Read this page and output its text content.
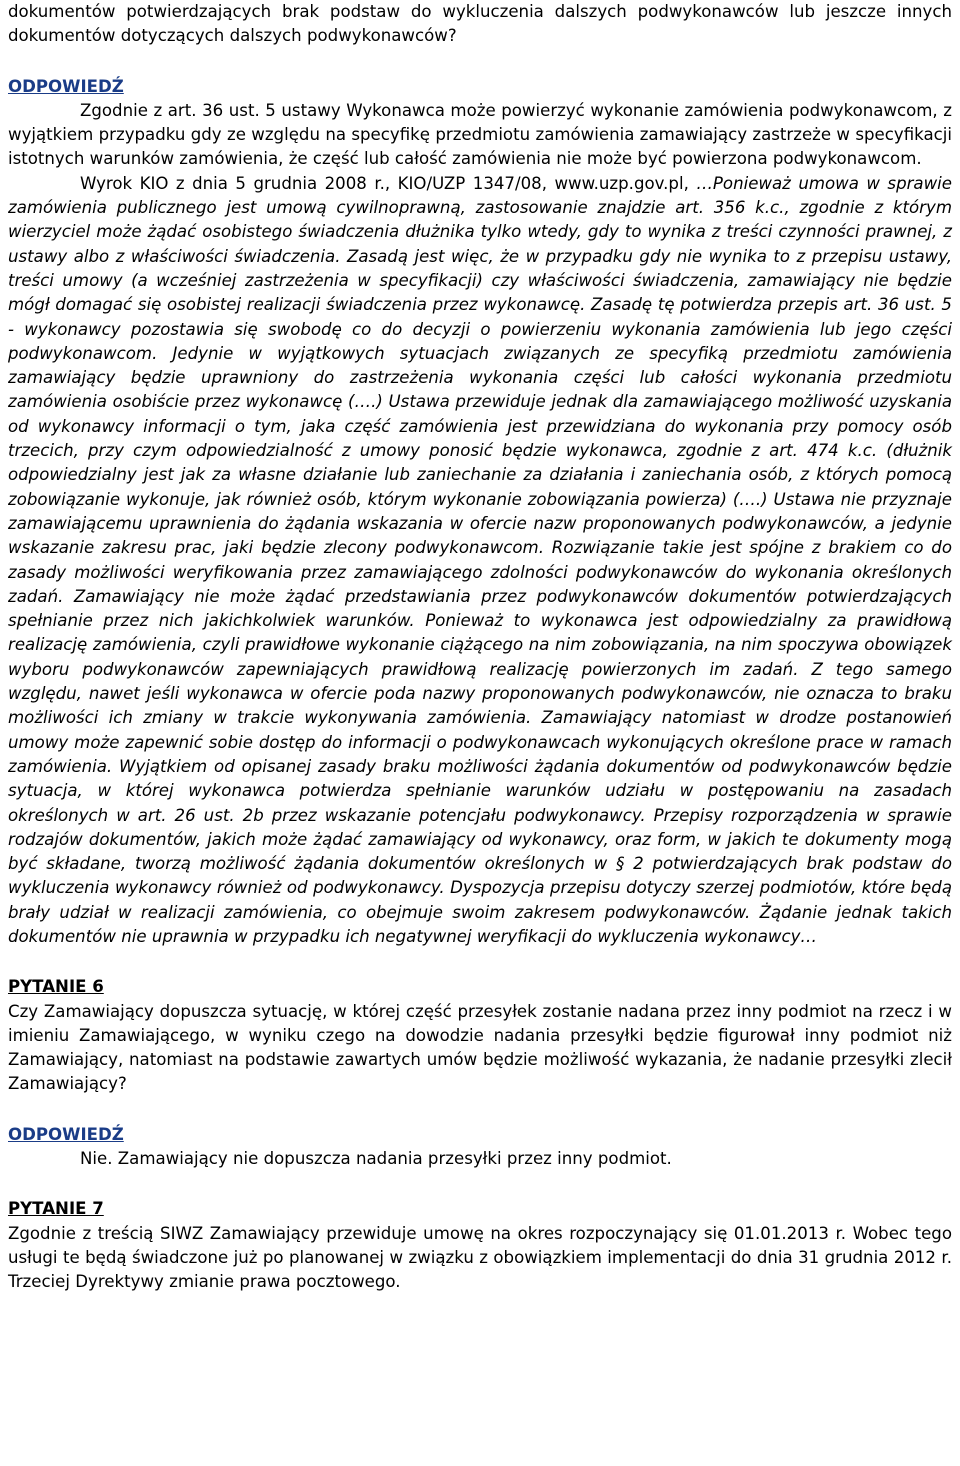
dokumentów potwierdzających brak podstaw do wykluczenia dalszych podwykonawców lub jeszcze innych dokumentów dotyczących dalszych podwykonawców?

ODPOWIEDŹ

Zgodnie z art. 36 ust. 5 ustawy Wykonawca może powierzyć wykonanie zamówienia podwykonawcom, z wyjątkiem przypadku gdy ze względu na specyfikę przedmiotu zamówienia zamawiający zastrzeże w specyfikacji istotnych warunków zamówienia, że część lub całość zamówienia nie może być powierzona podwykonawcom.

Wyrok KIO z dnia 5 grudnia 2008 r., KIO/UZP 1347/08, www.uzp.gov.pl, …Ponieważ umowa w sprawie zamówienia publicznego jest umową cywilnoprawną, zastosowanie znajdzie art. 356 k.c., zgodnie z którym wierzyciel może żądać osobistego świadczenia dłużnika tylko wtedy, gdy to wynika z treści czynności prawnej, z ustawy albo z właściwości świadczenia. Zasadą jest więc, że w przypadku gdy nie wynika to z przepisu ustawy, treści umowy (a wcześniej zastrzeżenia w specyfikacji) czy właściwości świadczenia, zamawiający nie będzie mógł domagać się osobistej realizacji świadczenia przez wykonawcę. Zasadę tę potwierdza przepis art. 36 ust. 5 - wykonawcy pozostawia się swobodę co do decyzji o powierzeniu wykonania zamówienia lub jego części podwykonawcom. Jedynie w wyjątkowych sytuacjach związanych ze specyfiką przedmiotu zamówienia zamawiający będzie uprawniony do zastrzeżenia wykonania części lub całości wykonania przedmiotu zamówienia osobiście przez wykonawcę (….) Ustawa przewiduje jednak dla zamawiającego możliwość uzyskania od wykonawcy informacji o tym, jaka część zamówienia jest przewidziana do wykonania przy pomocy osób trzecich, przy czym odpowiedzialność z umowy ponosić będzie wykonawca, zgodnie z art. 474 k.c. (dłużnik odpowiedzialny jest jak za własne działanie lub zaniechanie za działania i zaniechania osób, z których pomocą zobowiązanie wykonuje, jak również osób, którym wykonanie zobowiązania powierza) (….) Ustawa nie przyznaje zamawiającemu uprawnienia do żądania wskazania w ofercie nazw proponowanych podwykonawców, a jedynie wskazanie zakresu prac, jaki będzie zlecony podwykonawcom. Rozwiązanie takie jest spójne z brakiem co do zasady możliwości weryfikowania przez zamawiającego zdolności podwykonawców do wykonania określonych zadań. Zamawiający nie może żądać przedstawiania przez podwykonawców dokumentów potwierdzających spełnianie przez nich jakichkolwiek warunków. Ponieważ to wykonawca jest odpowiedzialny za prawidłową realizację zamówienia, czyli prawidłowe wykonanie ciążącego na nim zobowiązania, na nim spoczywa obowiązek wyboru podwykonawców zapewniających prawidłową realizację powierzonych im zadań. Z tego samego względu, nawet jeśli wykonawca w ofercie poda nazwy proponowanych podwykonawców, nie oznacza to braku możliwości ich zmiany w trakcie wykonywania zamówienia. Zamawiający natomiast w drodze postanowień umowy może zapewnić sobie dostęp do informacji o podwykonawcach wykonujących określone prace w ramach zamówienia. Wyjątkiem od opisanej zasady braku możliwości żądania dokumentów od podwykonawców będzie sytuacja, w której wykonawca potwierdza spełnianie warunków udziału w postępowaniu na zasadach określonych w art. 26 ust. 2b przez wskazanie potencjału podwykonawcy. Przepisy rozporządzenia w sprawie rodzajów dokumentów, jakich może żądać zamawiający od wykonawcy, oraz form, w jakich te dokumenty mogą być składane, tworzą możliwość żądania dokumentów określonych w § 2 potwierdzających brak podstaw do wykluczenia wykonawcy również od podwykonawcy. Dyspozycja przepisu dotyczy szerzej podmiotów, które będą brały udział w realizacji zamówienia, co obejmuje swoim zakresem podwykonawców. Żądanie jednak takich dokumentów nie uprawnia w przypadku ich negatywnej weryfikacji do wykluczenia wykonawcy…

PYTANIE 6

Czy Zamawiający dopuszcza sytuację, w której część przesyłek zostanie nadana przez inny podmiot na rzecz i w imieniu Zamawiającego, w wyniku czego na dowodzie nadania przesyłki będzie figurował inny podmiot niż Zamawiający, natomiast na podstawie zawartych umów będzie możliwość wykazania, że nadanie przesyłki zlecił Zamawiający?

ODPOWIEDŹ

Nie. Zamawiający nie dopuszcza nadania przesyłki przez inny podmiot.

PYTANIE 7

Zgodnie z treścią SIWZ Zamawiający przewiduje umowę na okres rozpoczynający się 01.01.2013 r. Wobec tego usługi te będą świadczone już po planowanej w związku z obowiązkiem implementacji do dnia 31 grudnia 2012 r. Trzeciej Dyrektywy zmianie prawa pocztowego.
